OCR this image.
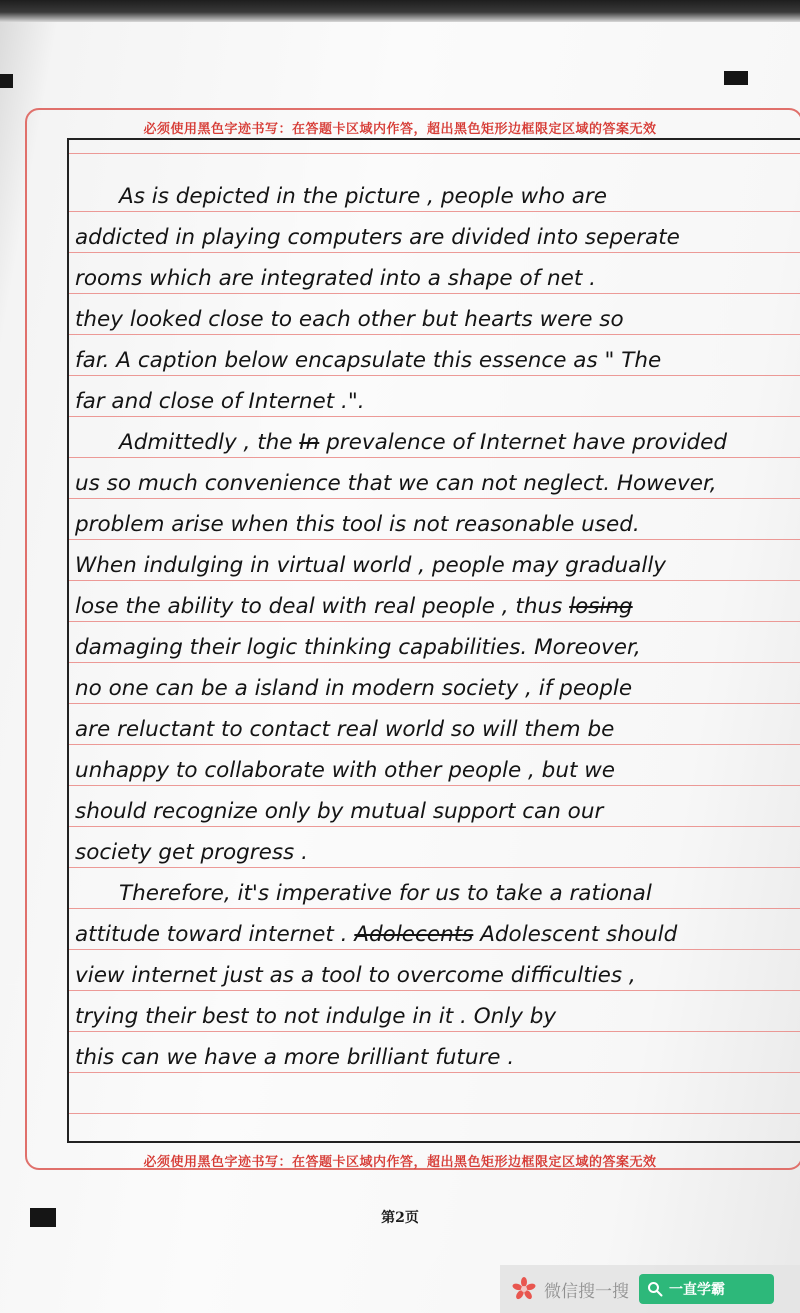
必须使用黑色字迹书写：在答题卡区域内作答，超出黑色矩形边框限定区域的答案无效
As is depicted in the picture , people who are
addicted in playing computers are divided into seperate
rooms which are integrated into a shape of net .
they looked close to each other but hearts were so
far. A caption below encapsulate this essence as " The
far and close of Internet .".
Admittedly , the In prevalence of Internet have provided
us so much convenience that we can not neglect. However,
problem arise when this tool is not reasonable used.
When indulging in virtual world , people may gradually
lose the ability to deal with real people , thus losing
damaging their logic thinking capabilities. Moreover,
no one can be a island in modern society , if people
are reluctant to contact real world so will them be
unhappy to collaborate with other people , but we
should recognize only by mutual support can our
society get progress .
Therefore, it's imperative for us to take a rational
attitude toward internet . Adolecents Adolescent should
view internet just as a tool to overcome difficulties ,
trying their best to not indulge in it . Only by
this can we have a more brilliant future .
必须使用黑色字迹书写：在答题卡区域内作答，超出黑色矩形边框限定区域的答案无效
第2页
微信搜一搜	一直学霸
